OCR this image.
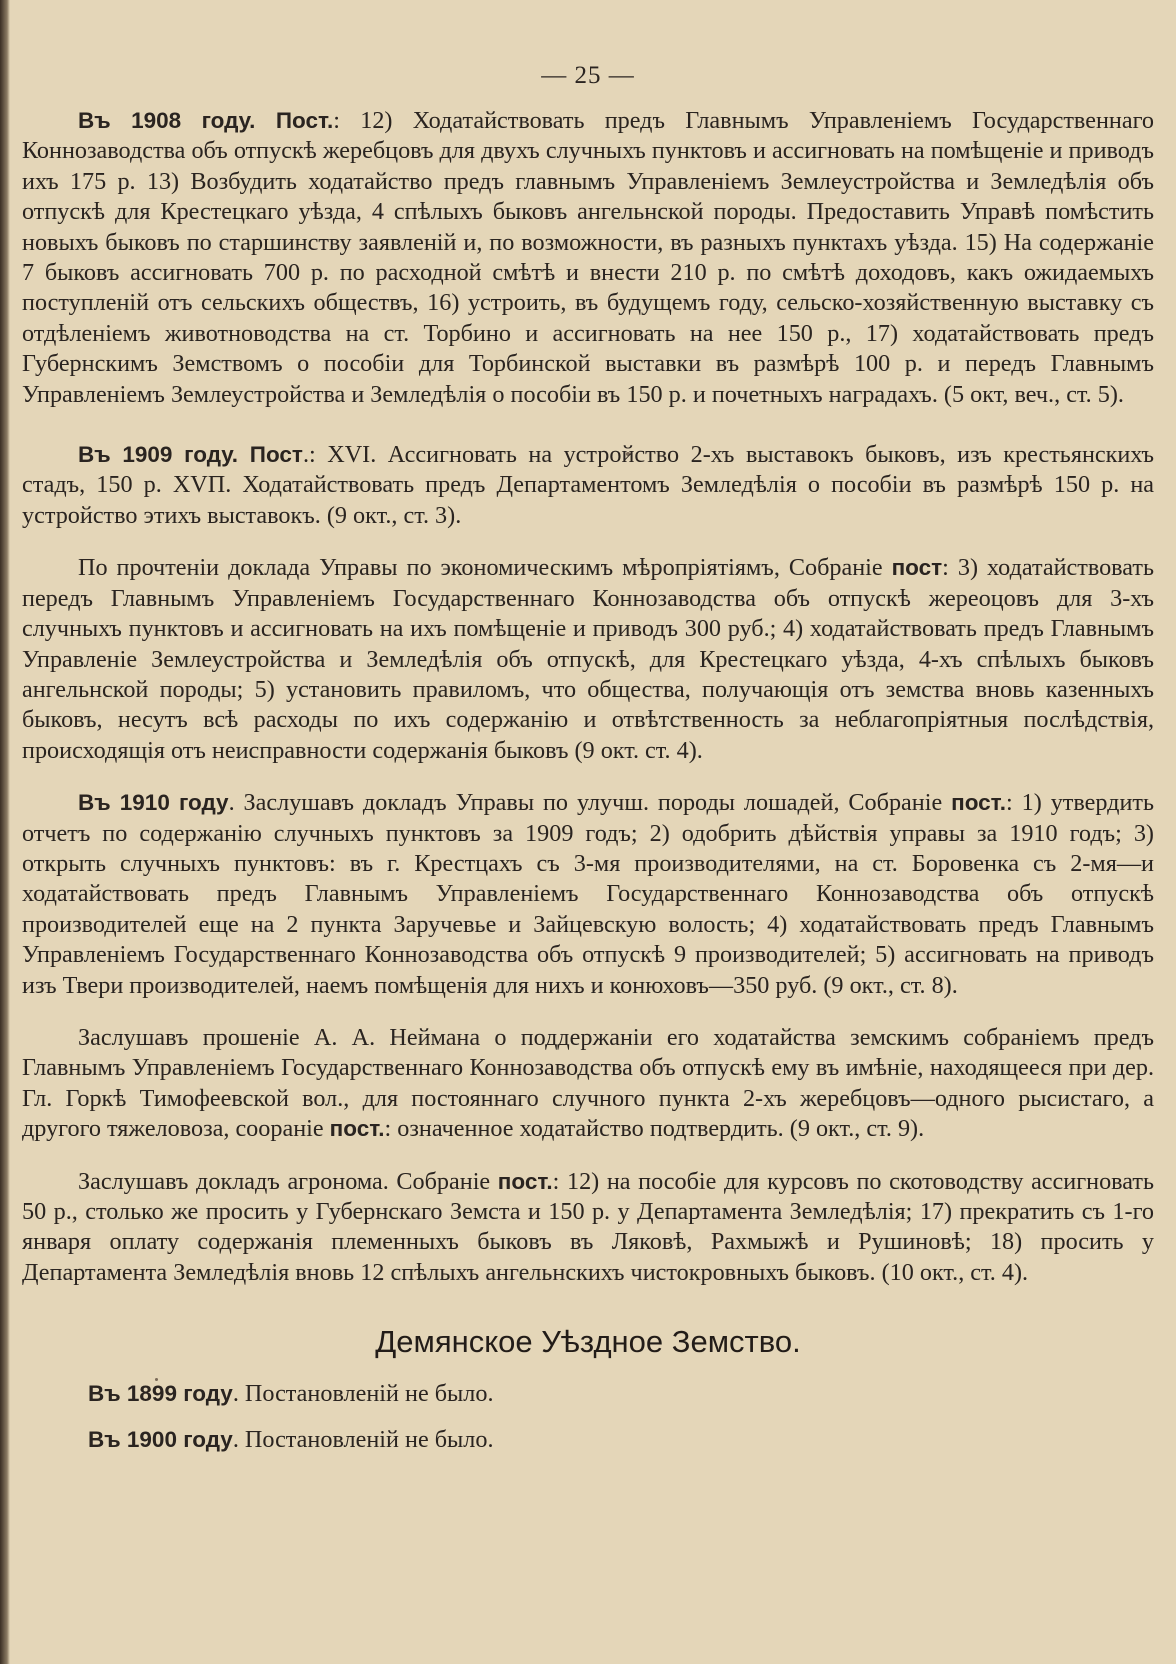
— 25 —

Въ 1908 году. Пост.: 12) Ходатайствовать предъ Главнымъ Управленіемъ Государственнаго Коннозаводства объ отпускѣ жеребцовъ для двухъ случныхъ пунктовъ и ассигновать на помѣщеніе и приводъ ихъ 175 р. 13) Возбудить ходатайство предъ главнымъ Управленіемъ Землеустройства и Земледѣлія объ отпускѣ для Крестецкаго уѣзда, 4 спѣлыхъ быковъ ангельнской породы. Предоставить Управѣ помѣстить новыхъ быковъ по старшинству заявленій и, по возможности, въ разныхъ пунктахъ уѣзда. 15) На содержаніе 7 быковъ ассигновать 700 р. по расходной смѣтѣ и внести 210 р. по смѣтѣ доходовъ, какъ ожидаемыхъ поступленій отъ сельскихъ обществъ, 16) устроить, въ будущемъ году, сельско-хозяйственную выставку съ отдѣленіемъ животноводства на ст. Торбино и ассигновать на нее 150 р., 17) ходатайствовать предъ Губернскимъ Земствомъ о пособіи для Торбинской выставки въ размѣрѣ 100 р. и передъ Главнымъ Управленіемъ Землеустройства и Земледѣлія о пособіи въ 150 р. и почетныхъ наградахъ. (5 окт, веч., ст. 5).

Въ 1909 году. Пост.: XVI. Ассигновать на устройство 2-хъ выставокъ быковъ, изъ крестьянскихъ стадъ, 150 р. XVП. Ходатайствовать предъ Департаментомъ Земледѣлія о пособіи въ размѣрѣ 150 р. на устройство этихъ выставокъ. (9 окт., ст. 3).

По прочтеніи доклада Управы по экономическимъ мѣропріятіямъ, Собраніе пост: 3) ходатайствовать передъ Главнымъ Управленіемъ Государственнаго Коннозаводства объ отпускѣ жереоцовъ для 3-хъ случныхъ пунктовъ и ассигновать на ихъ помѣщеніе и приводъ 300 руб.; 4) ходатайствовать предъ Главнымъ Управленіе Землеустройства и Земледѣлія объ отпускѣ, для Крестецкаго уѣзда, 4-хъ спѣлыхъ быковъ ангельнской породы; 5) установить правиломъ, что общества, получающія отъ земства вновь казенныхъ быковъ, несутъ всѣ расходы по ихъ содержанію и отвѣтственность за неблагопріятныя послѣдствія, происходящія отъ неисправности содержанія быковъ (9 окт. ст. 4).

Въ 1910 году. Заслушавъ докладъ Управы по улучш. породы лошадей, Собраніе пост.: 1) утвердить отчетъ по содержанію случныхъ пунктовъ за 1909 годъ; 2) одобрить дѣйствія управы за 1910 годъ; 3) открыть случныхъ пунктовъ: въ г. Крестцахъ съ 3-мя производителями, на ст. Боровенка съ 2-мя—и ходатайствовать предъ Главнымъ Управленіемъ Государственнаго Коннозаводства объ отпускѣ производителей еще на 2 пункта Заручевье и Зайцевскую волость; 4) ходатайствовать предъ Главнымъ Управленіемъ Государственнаго Коннозаводства объ отпускѣ 9 производителей; 5) ассигновать на приводъ изъ Твери производителей, наемъ помѣщенія для нихъ и конюховъ—350 руб. (9 окт., ст. 8).

Заслушавъ прошеніе А. А. Неймана о поддержаніи его ходатайства земскимъ собраніемъ предъ Главнымъ Управленіемъ Государственнаго Коннозаводства объ отпускѣ ему въ имѣніе, находящееся при дер. Гл. Горкѣ Тимофеевской вол., для постояннаго случного пункта 2-хъ жеребцовъ—одного рысистаго, а другого тяжеловоза, соораніе пост.: означенное ходатайство подтвердить. (9 окт., ст. 9).

Заслушавъ докладъ агронома. Собраніе пост.: 12) на пособіе для курсовъ по скотоводству ассигновать 50 р., столько же просить у Губернскаго Земста и 150 р. у Департамента Земледѣлія; 17) прекратить съ 1-го января оплату содержанія племенныхъ быковъ въ Ляковѣ, Рахмыжѣ и Рушиновѣ; 18) просить у Департамента Земледѣлія вновь 12 спѣлыхъ ангельнскихъ чистокровныхъ быковъ. (10 окт., ст. 4).

Демянское Уѣздное Земство.

Въ 1899 году. Постановленій не было.

Въ 1900 году. Постановленій не было.
